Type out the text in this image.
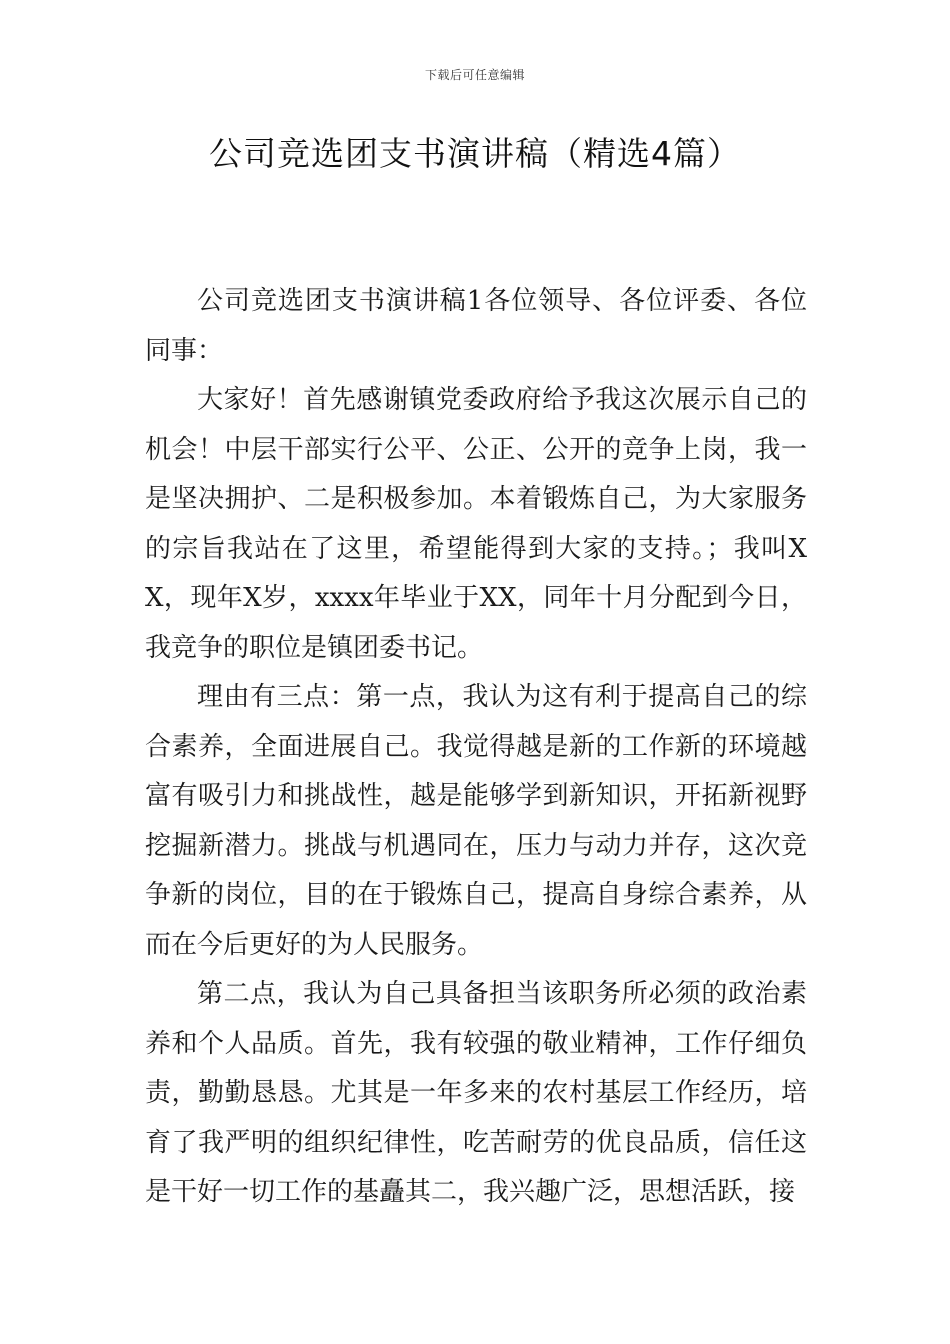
下载后可任意编辑
公司竞选团支书演讲稿（精选4篇）

公司竞选团支书演讲稿1各位领导、各位评委、各位同事：

大家好！首先感谢镇党委政府给予我这次展示自己的机会！中层干部实行公平、公正、公开的竞争上岗，我一是坚决拥护、二是积极参加。本着锻炼自己，为大家服务的宗旨我站在了这里，希望能得到大家的支持。；我叫XX，现年X岁，xxxx年毕业于XX，同年十月分配到今日，我竞争的职位是镇团委书记。

理由有三点：第一点，我认为这有利于提高自己的综合素养，全面进展自己。我觉得越是新的工作新的环境越富有吸引力和挑战性，越是能够学到新知识，开拓新视野挖掘新潜力。挑战与机遇同在，压力与动力并存，这次竞争新的岗位，目的在于锻炼自己，提高自身综合素养，从而在今后更好的为人民服务。

第二点，我认为自己具备担当该职务所必须的政治素养和个人品质。首先，我有较强的敬业精神，工作仔细负责，勤勤恳恳。尤其是一年多来的农村基层工作经历，培育了我严明的组织纪律性，吃苦耐劳的优良品质，信任这是干好一切工作的基矗其二，我兴趣广泛，思想活跃，接
